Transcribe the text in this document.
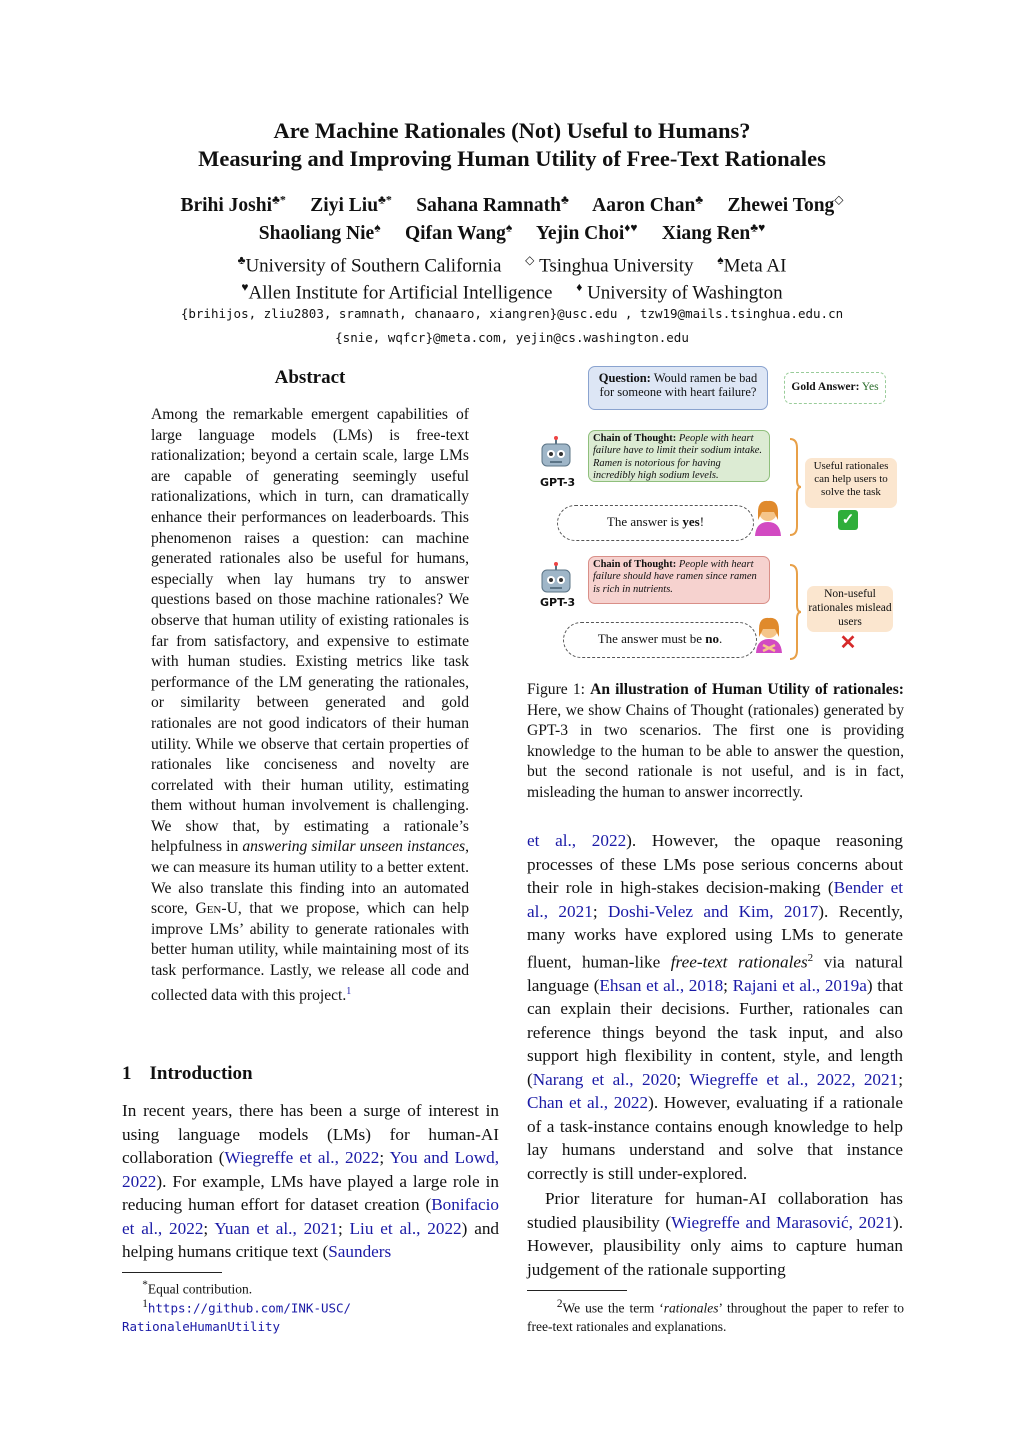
Are Machine Rationales (Not) Useful to Humans?
Measuring and Improving Human Utility of Free-Text Rationales
Brihi Joshi♣* Ziyi Liu♣* Sahana Ramnath♣ Aaron Chan♣ Zhewei Tong◇
Shaoliang Nie♠ Qifan Wang♠ Yejin Choi♦♥ Xiang Ren♣♥
♣University of Southern California ◇ Tsinghua University ♠Meta AI
♥Allen Institute for Artificial Intelligence ♦ University of Washington
{brihijos, zliu2803, sramnath, chanaaro, xiangren}@usc.edu , tzw19@mails.tsinghua.edu.cn
{snie, wqfcr}@meta.com, yejin@cs.washington.edu
Abstract
Among the remarkable emergent capabilities of large language models (LMs) is free-text rationalization; beyond a certain scale, large LMs are capable of generating seemingly useful rationalizations, which in turn, can dramatically enhance their performances on leaderboards. This phenomenon raises a question: can machine generated rationales also be useful for humans, especially when lay humans try to answer questions based on those machine rationales? We observe that human utility of existing rationales is far from satisfactory, and expensive to estimate with human studies. Existing metrics like task performance of the LM generating the rationales, or similarity between generated and gold rationales are not good indicators of their human utility. While we observe that certain properties of rationales like conciseness and novelty are correlated with their human utility, estimating them without human involvement is challenging. We show that, by estimating a rationale’s helpfulness in answering similar unseen instances, we can measure its human utility to a better extent. We also translate this finding into an automated score, Gen-U, that we propose, which can help improve LMs’ ability to generate rationales with better human utility, while maintaining most of its task performance. Lastly, we release all code and collected data with this project.$^1$
1 Introduction

In recent years, there has been a surge of interest in using language models (LMs) for human-AI collaboration (Wiegreffe et al., 2022; You and Lowd, 2022). For example, LMs have played a large role in reducing human effort for dataset creation (Bonifacio et al., 2022; Yuan et al., 2021; Liu et al., 2022) and helping humans critique text (Saunders

*Equal contribution.
$^1$https://github.com/INK-USC/
RationaleHumanUtility
Question: Would ramen be bad for someone with heart failure?	Gold Answer: Yes
GPT-3
Chain of Thought: People with heart failure have to limit their sodium intake. Ramen is notorious for having incredibly high sodium levels.
Useful rationales can help users to solve the task
✓
The answer is yes!
GPT-3
Chain of Thought: People with heart failure should have ramen since ramen is rich in nutrients.	Non-useful rationales mislead users
✕
The answer must be no.
Figure 1: An illustration of Human Utility of rationales: Here, we show Chains of Thought (rationales) generated by GPT-3 in two scenarios. The first one is providing knowledge to the human to be able to answer the question, but the second rationale is not useful, and is in fact, misleading the human to answer incorrectly.

et al., 2022). However, the opaque reasoning processes of these LMs pose serious concerns about their role in high-stakes decision-making (Bender et al., 2021; Doshi-Velez and Kim, 2017). Recently, many works have explored using LMs to generate fluent, human-like free-text rationales$^2$ via natural language (Ehsan et al., 2018; Rajani et al., 2019a) that can explain their decisions. Further, rationales can reference things beyond the task input, and also support high flexibility in content, style, and length (Narang et al., 2020; Wiegreffe et al., 2022, 2021; Chan et al., 2022). However, evaluating if a rationale of a task-instance contains enough knowledge to help lay humans understand and solve that instance correctly is still under-explored.

Prior literature for human-AI collaboration has studied plausibility (Wiegreffe and Marasović, 2021). However, plausibility only aims to capture human judgement of the rationale supporting

$^2$We use the term ‘rationales’ throughout the paper to refer to free-text rationales and explanations.
